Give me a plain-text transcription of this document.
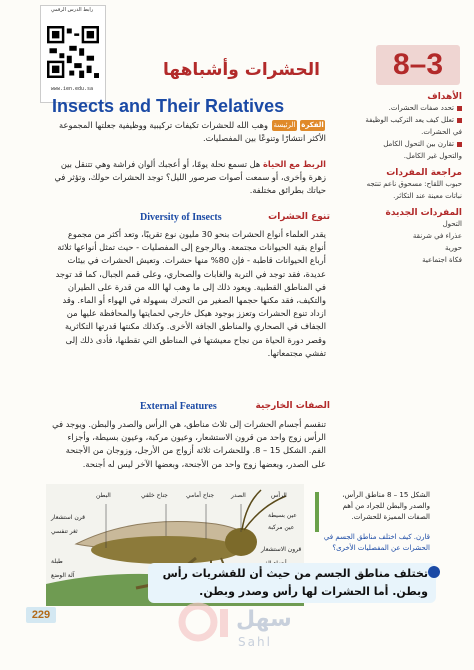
رابط الدرس الرقمي
www.ien.edu.sa
8–3
الأهداف
تحدد صفات الحشرات.
تعلل كيف يعد التركيب الوظيفة في الحشرات.
تقارن بين التحول الكامل والتحول غير الكامل.
مراجعة المفردات
حبوب اللقاح: مسحوق ناعم تنتجه نباتات معينة عند التكاثر.
المفردات الجديدة
التحول
عذراء في شرنقة
حورية
فكاة اجتماعية
الحشرات وأشباهها
Insects and Their Relatives
الفكرة
الرئيسة
وهب الله للحشرات تكيفات تركيبية ووظيفية جعلتها المجموعة الأكثر انتشارًا وتنوعًا بين المفصليات.
الربط مع الحياة هل تسمع نحلة يومًا، أو أعجبك ألوان فراشة وهي تتنقل بين زهرة وأخرى، أو سمعت أصوات صرصور الليل؟ توجد الحشرات حولك، وتؤثر في حياتك بطرائق مختلفة.
Diversity of Insects	تنوع الحشرات
يقدر العلماء أنواع الحشرات بنحو 30 مليون نوع تقريبًا، وتعد أكثر من مجموع أنواع بقية الحيوانات مجتمعة. وبالرجوع إلى المفصليات - حيث تمثل أنواعها ثلاثة أرباع الحيوانات قاطبة - فإن 80% منها حشرات. وتعيش الحشرات في بيئات عديدة، فقد توجد في التربة والغابات والصحاري، وعلى قمم الجبال، كما قد توجد في المناطق القطبية. ويعود ذلك إلى ما وهب لها الله من قدرة على الطيران والتكيف، فقد مكنها حجمها الصغير من التحرك بسهولة في الهواء أو الماء. وقد ازداد تنوع الحشرات وتعزز بوجود هيكل خارجي لحمايتها والمحافظة عليها من الجفاف في الصحاري والمناطق الجافة الأخرى. وكذلك مكنتها قدرتها التكاثرية وقصر دورة الحياة من نجاح معيشتها في المناطق التي تقطنها، فأدى ذلك إلى تفشي مجتمعاتها.
External Features	الصفات الخارجية
تنقسم أجسام الحشرات إلى ثلاث مناطق، هي الرأس والصدر والبطن. ويوجد في الرأس زوج واحد من قرون الاستشعار، وعيون مركبة، وعيون بسيطة، وأجزاء الفم. الشكل 15 – 8. وللحشرات ثلاثة أزواج من الأرجل، وزوجان من الأجنحة على الصدر، وبعضها زوج واحد من الأجنحة، وبعضها الآخر ليس له أجنحة.
جناح خلفي	جناح أمامي	الصدر	الرأس
البطن
عين بسيطة
عين مركبة
قرن استشعار
ثغر تنفسي
طبلة
قرون الاستشعار
آلة الوضع
الشكل 15 – 8 مناطق الرأس، والصدر والبطن للجراد من أهم الصفات المميزة للحشرات.
قارن. كيف اختلف مناطق الجسم في الحشرات عن المفصليات الأخرى؟
تختلف مناطق الجسم من حيث أن للقشريات رأس وبطن. أما الحشرات لها رأس وصدر وبطن.
229	سهل
Sahl
